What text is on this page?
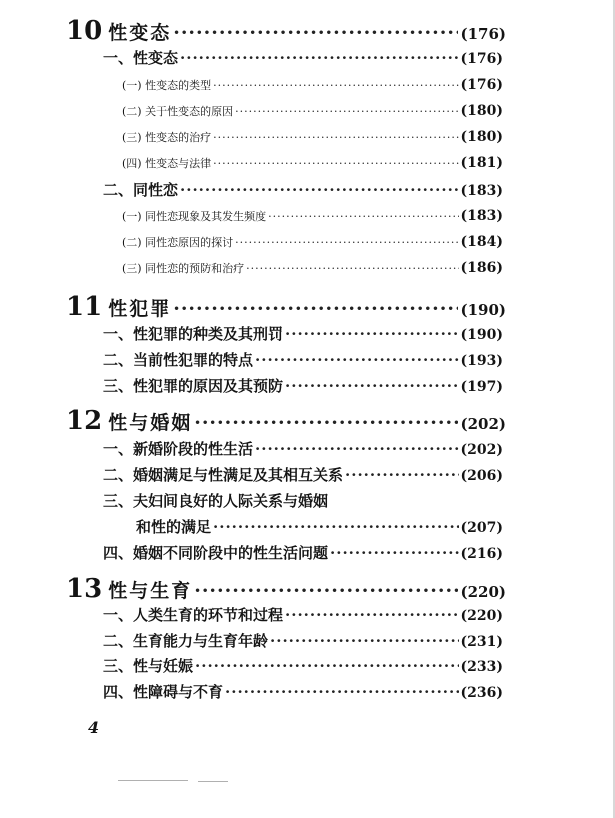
10 性变态 ·····	(176)
一、性变态 ·····	(176)
(一) 性变态的类型 ·····	(176)
(二) 关于性变态的原因 ·····	(180)
(三) 性变态的治疗 ·····	(180)
(四) 性变态与法律 ·····	(181)
二、同性恋 ·····	(183)
(一) 同性恋现象及其发生频度 ·····	(183)
(二) 同性恋原因的探讨 ·····	(184)
(三) 同性恋的预防和治疗 ·····	(186)
11 性犯罪 ·····	(190)
一、性犯罪的种类及其刑罚 ·····	(190)
二、当前性犯罪的特点 ·····	(193)
三、性犯罪的原因及其预防 ·····	(197)
12 性与婚姻 ·····	(202)
一、新婚阶段的性生活 ·····	(202)
二、婚姻满足与性满足及其相互关系 ·····	(206)
三、夫妇间良好的人际关系与婚姻
和性的满足 ·····	(207)
四、婚姻不同阶段中的性生活问题 ·····	(216)
13 性与生育 ·····	(220)
一、人类生育的环节和过程 ·····	(220)
二、生育能力与生育年龄 ·····	(231)
三、性与妊娠 ·····	(233)
四、性障碍与不育 ·····	(236)
4
